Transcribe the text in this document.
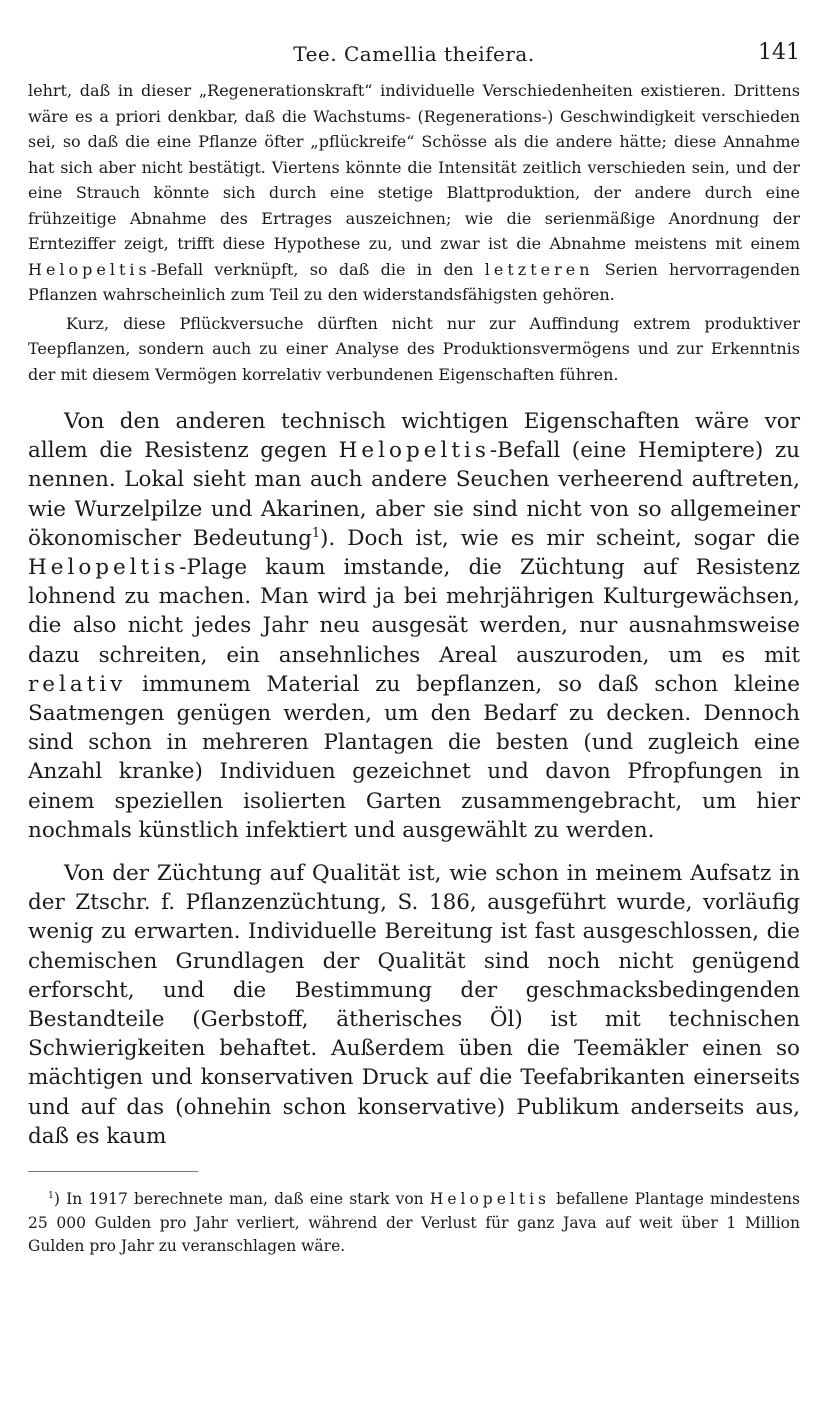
Tee. Camellia theifera.	141

lehrt, daß in dieser „Regenerationskraft“ individuelle Verschiedenheiten existieren. Drittens wäre es a priori denkbar, daß die Wachstums- (Regenerations-) Geschwindigkeit verschieden sei, so daß die eine Pflanze öfter „pflückreife“ Schösse als die andere hätte; diese Annahme hat sich aber nicht bestätigt. Viertens könnte die Intensität zeitlich verschieden sein, und der eine Strauch könnte sich durch eine stetige Blattproduktion, der andere durch eine frühzeitige Abnahme des Ertrages auszeichnen; wie die serienmäßige Anordnung der Ernteziffer zeigt, trifft diese Hypothese zu, und zwar ist die Abnahme meistens mit einem Helopeltis-Befall verknüpft, so daß die in den letzteren Serien hervorragenden Pflanzen wahrscheinlich zum Teil zu den widerstandsfähigsten gehören.

Kurz, diese Pflückversuche dürften nicht nur zur Auffindung extrem produktiver Teepflanzen, sondern auch zu einer Analyse des Produktionsvermögens und zur Erkenntnis der mit diesem Vermögen korrelativ verbundenen Eigenschaften führen.

Von den anderen technisch wichtigen Eigenschaften wäre vor allem die Resistenz gegen Helopeltis-Befall (eine Hemiptere) zu nennen. Lokal sieht man auch andere Seuchen verheerend auftreten, wie Wurzelpilze und Akarinen, aber sie sind nicht von so allgemeiner ökonomischer Bedeutung$^1$). Doch ist, wie es mir scheint, sogar die Helopeltis-Plage kaum imstande, die Züchtung auf Resistenz lohnend zu machen. Man wird ja bei mehrjährigen Kulturgewächsen, die also nicht jedes Jahr neu ausgesät werden, nur ausnahmsweise dazu schreiten, ein ansehnliches Areal auszuroden, um es mit relativ immunem Material zu bepflanzen, so daß schon kleine Saatmengen genügen werden, um den Bedarf zu decken. Dennoch sind schon in mehreren Plantagen die besten (und zugleich eine Anzahl kranke) Individuen gezeichnet und davon Pfropfungen in einem speziellen isolierten Garten zusammengebracht, um hier nochmals künstlich infektiert und ausgewählt zu werden.

Von der Züchtung auf Qualität ist, wie schon in meinem Aufsatz in der Ztschr. f. Pflanzenzüchtung, S. 186, ausgeführt wurde, vorläufig wenig zu erwarten. Individuelle Bereitung ist fast ausgeschlossen, die chemischen Grundlagen der Qualität sind noch nicht genügend erforscht, und die Bestimmung der geschmacksbedingenden Bestandteile (Gerbstoff, ätherisches Öl) ist mit technischen Schwierigkeiten behaftet. Außerdem üben die Teemäkler einen so mächtigen und konservativen Druck auf die Teefabrikanten einerseits und auf das (ohnehin schon konservative) Publikum anderseits aus, daß es kaum

$^1$) In 1917 berechnete man, daß eine stark von Helopeltis befallene Plantage mindestens 25 000 Gulden pro Jahr verliert, während der Verlust für ganz Java auf weit über 1 Million Gulden pro Jahr zu veranschlagen wäre.
